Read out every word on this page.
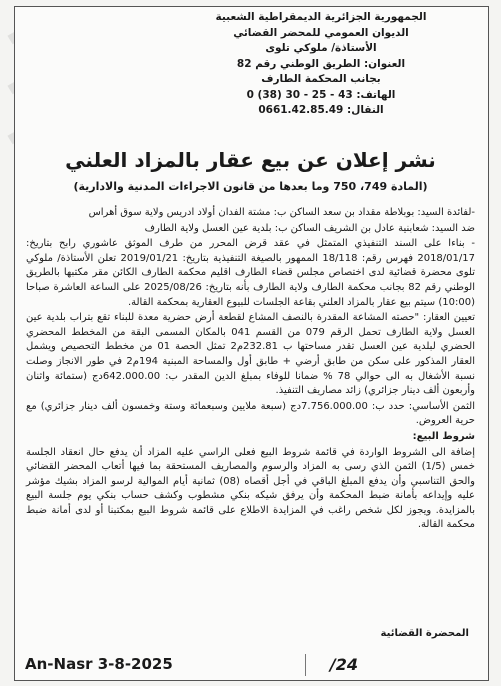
الجمهورية الجزائرية الديمقراطية الشعبية
الديوان العمومي للمحضر القضائي
الأستاذة/ ملوكي تلوى
العنوان: الطريق الوطني رقم 82
بجانب المحكمة الطارف
الهاتف: 43 - 25 - 30 (38) 0
النقال: 0661.42.85.49
نشر إعلان عن بيع عقار بالمزاد العلني
(المادة 749، 750 وما بعدها من قانون الاجراءات المدنية والادارية)

-لفائدة السيد: بوبلاطة مقداد بن سعد الساكن ب: مشتة الفدان أولاد ادريس ولاية سوق أهراس

ضد السيد: شعابنية عادل بن الشريف الساكن ب: بلدية عين العسل ولاية الطارف

- بناءا على السند التنفيذي المتمثل في عقد قرض المحرر من طرف الموثق عاشوري رابح بتاريخ: 2018/01/17 فهرس رقم: 18/118 الممهور بالصيغة التنفيذية بتاريخ: 2019/01/21 تعلن الأستاذة/ ملوكي تلوى محضرة قضائية لدى اختصاص مجلس قضاء الطارف اقليم محكمة الطارف الكائن مقر مكتبها بالطريق الوطني رقم 82 بجانب محكمة الطارف ولاية الطارف بأنه بتاريخ: 2025/08/26 على الساعة العاشرة صباحا (10:00) سيتم بيع عقار بالمزاد العلني بقاعة الجلسات للبيوع العقارية بمحكمة القالة.

تعيين العقار: "حصته المشاعة المقدرة بالنصف المشاع لقطعة أرض حضرية معدة للبناء تقع بتراب بلدية عين العسل ولاية الطارف تحمل الرقم 079 من القسم 041 بالمكان المسمى البقة من المخطط المحضري الحضري لبلدية عين العسل تقدر مساحتها ب 232.81م2 تمثل الحصة 01 من مخطط التحصيص ويشمل العقار المذكور على سكن من طابق أرضي + طابق أول والمساحة المبنية 194م2 في طور الانجاز وصلت نسبة الأشغال به الى حوالي 78 % ضمانا للوفاء بمبلغ الدين المقدر ب: 642.000.00دج (ستمائة واثنان وأربعون ألف دينار جزائري) زائد مصاريف التنفيذ.

الثمن الأساسي: حدد ب: 7.756.000.00دج (سبعة ملايين وسبعمائة وستة وخمسون ألف دينار جزائري) مع حرية العروض.

شروط البيع:

إضافة الى الشروط الواردة في قائمة شروط البيع فعلى الراسي عليه المزاد أن يدفع حال انعقاد الجلسة خمس (1/5) الثمن الذي رسى به المزاد والرسوم والمصاريف المستحقة بما فيها أتعاب المحضر القضائي والحق التناسبي وأن يدفع المبلغ الباقي في أجل أقصاه (08) ثمانية أيام الموالية لرسو المزاد بشيك مؤشر عليه وإيداعه بأمانة ضبط المحكمة وأن يرفق شيكه بنكي مشطوب وكشف حساب بنكي يوم جلسة البيع بالمزايدة. ويجوز لكل شخص راغب في المزايدة الاطلاع على قائمة شروط البيع بمكتبنا أو لدى أمانة ضبط محكمة القالة.

المحضرة القضائية
An-Nasr 3-8-2025	/24
